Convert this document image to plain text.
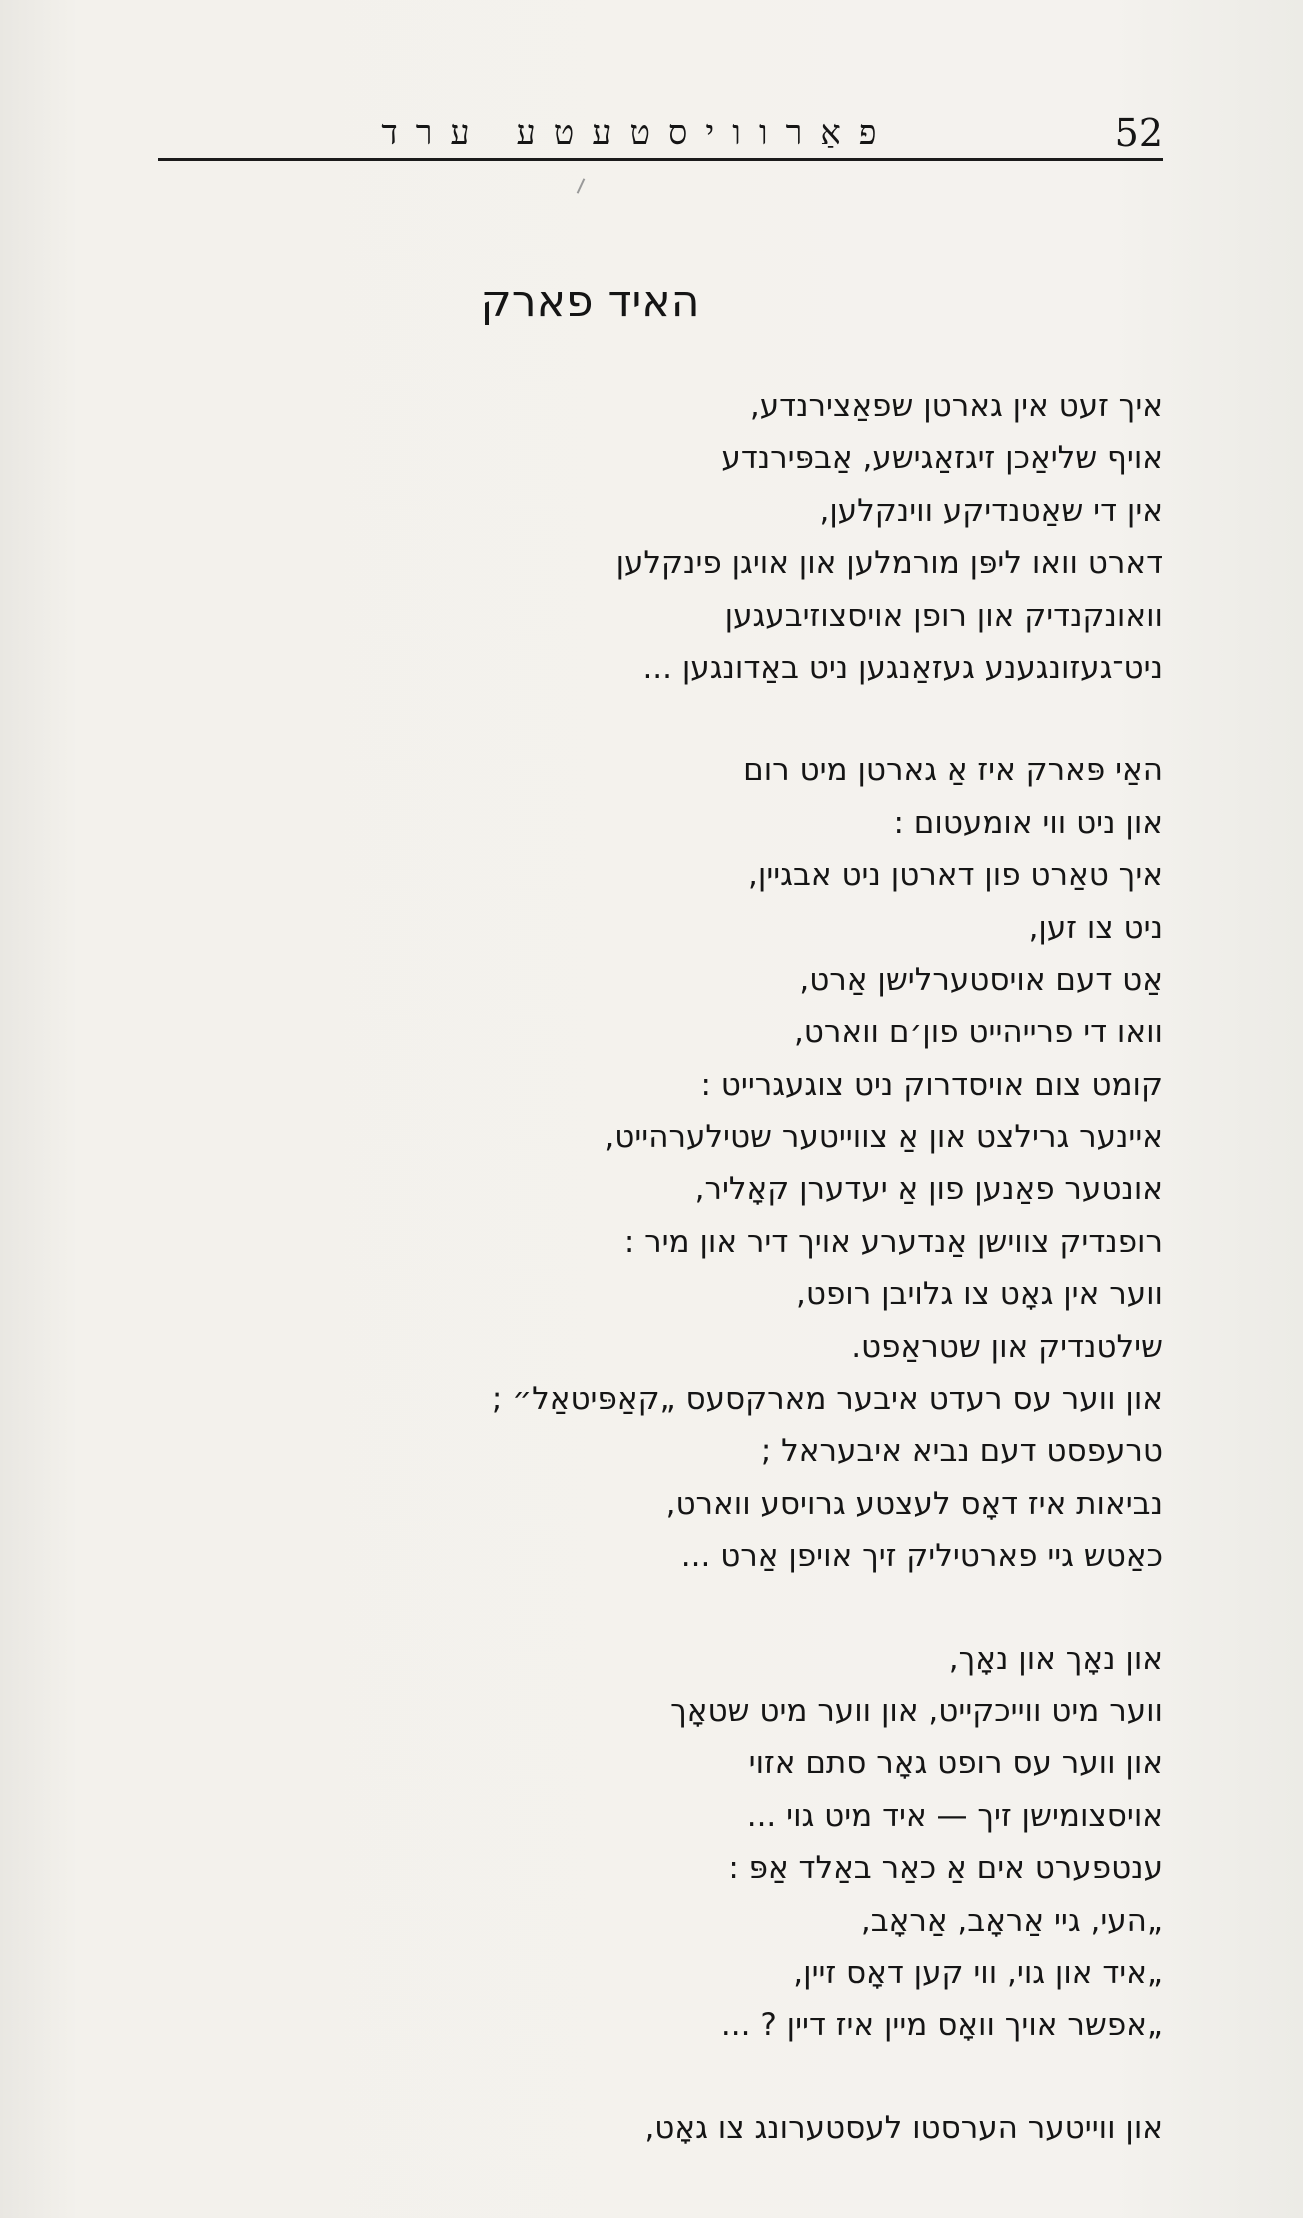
פאַרוויסטעטע ערד	52
האיד פארק
איך זעט אין גארטן שפאַצירנדע,
אויף שליאַכן זיגזאַגישע, אַבפּירנדע
אין די שאַטנדיקע ווינקלען,
דארט וואו ליפּן מורמלען און אויגן פינקלען
וואונקנדיק און רופן אויסצוזיבעגען
ניט־געזונגענע געזאַנגען ניט באַדונגען ...
האַי פּארק איז אַ גארטן מיט רום
און ניט ווי אומעטום :
איך טאַרט פון דארטן ניט אבגיין,
ניט צו זען,
אַט דעם אויסטערלישן אַרט,
וואו די פרייהייט פון׳ם ווארט,
קומט צום אויסדרוק ניט צוגעגרייט :
איינער גרילצט און אַ צווייטער שטילערהייט,
אונטער פאַנען פון אַ יעדערן קאָליר,
רופנדיק צווישן אַנדערע אויך דיר און מיר :
ווער אין גאָט צו גלויבן רופט,
שילטנדיק און שטראַפט.
און ווער עס רעדט איבער מארקסעס „קאַפּיטאַל״ ;
טרעפסט דעם נביא איבעראל ;
נביאות איז דאָס לעצטע גרויסע ווארט,
כאַטש גיי פארטיליק זיך אויפן אַרט ...
און נאָך און נאָך,
ווער מיט ווייכקייט, און ווער מיט שטאָך
און ווער עס רופט גאָר סתם אזוי
אויסצומישן זיך — איד מיט גוי ...
ענטפערט אים אַ כאַר באַלד אַפּ :
„העי, גיי אַראָב, אַראָב,
„איד און גוי, ווי קען דאָס זיין,
„אפשר אויך וואָס מיין איז דיין ? ...
און ווייטער הערסטו לעסטערונג צו גאָט,
